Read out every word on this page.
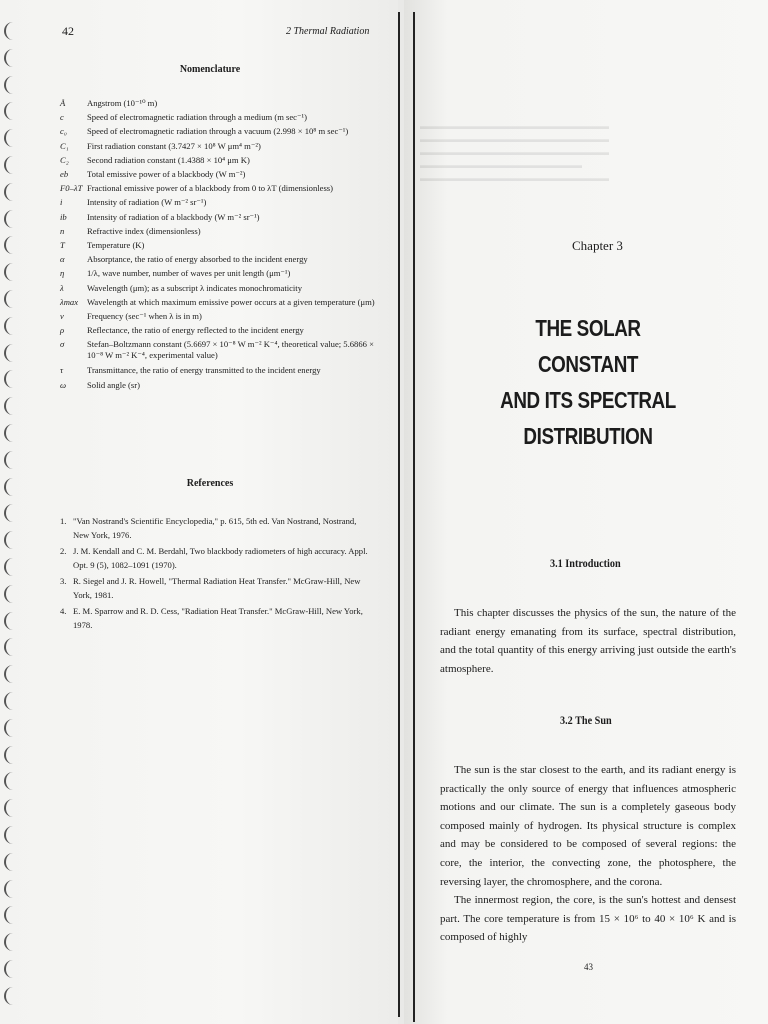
▬▬▬▬▬▬▬▬▬▬▬▬▬▬▬▬▬▬▬▬▬
▬▬▬▬▬▬▬▬▬▬▬▬▬▬▬▬▬▬▬▬▬
▬▬▬▬▬▬▬▬▬▬▬▬▬▬▬▬▬▬▬▬▬
▬▬▬▬▬▬▬▬▬▬▬▬▬▬▬▬▬▬
▬▬▬▬▬▬▬▬▬▬▬▬▬▬▬▬▬▬▬▬▬
42	2 Thermal Radiation
Nomenclature
Å	Angstrom (10⁻¹⁰ m)
c	Speed of electromagnetic radiation through a medium (m sec⁻¹)
c₀	Speed of electromagnetic radiation through a vacuum (2.998 × 10⁸ m sec⁻¹)
C₁	First radiation constant (3.7427 × 10⁸ W μm⁴ m⁻²)
C₂	Second radiation constant (1.4388 × 10⁴ μm K)
eb	Total emissive power of a blackbody (W m⁻²)
F0–λT Fractional emissive power of a blackbody from 0 to λT (dimensionless)
i	Intensity of radiation (W m⁻² sr⁻¹)
ib	Intensity of radiation of a blackbody (W m⁻² sr⁻¹)
n	Refractive index (dimensionless)
T	Temperature (K)
α	Absorptance, the ratio of energy absorbed to the incident energy
η	1/λ, wave number, number of waves per unit length (μm⁻¹)
λ	Wavelength (μm); as a subscript λ indicates monochromaticity
λmax	Wavelength at which maximum emissive power occurs at a given temperature (μm)
ν	Frequency (sec⁻¹ when λ is in m)
ρ	Reflectance, the ratio of energy reflected to the incident energy
σ	Stefan–Boltzmann constant (5.6697 × 10⁻⁸ W m⁻² K⁻⁴, theoretical value; 5.6866 × 10⁻⁸ W m⁻² K⁻⁴, experimental value)
τ	Transmittance, the ratio of energy transmitted to the incident energy
ω	Solid angle (sr)
References
1. "Van Nostrand's Scientific Encyclopedia," p. 615, 5th ed. Van Nostrand, Nostrand, New York, 1976.
2. J. M. Kendall and C. M. Berdahl, Two blackbody radiometers of high accuracy. Appl. Opt. 9 (5), 1082–1091 (1970).
3. R. Siegel and J. R. Howell, "Thermal Radiation Heat Transfer." McGraw-Hill, New York, 1981.
4. E. M. Sparrow and R. D. Cess, "Radiation Heat Transfer." McGraw-Hill, New York, 1978.
Chapter 3
THE SOLAR CONSTANT
AND ITS SPECTRAL
DISTRIBUTION
3.1 Introduction
This chapter discusses the physics of the sun, the nature of the radiant energy emanating from its surface, spectral distribution, and the total quantity of this energy arriving just outside the earth's atmosphere.
3.2 The Sun
The sun is the star closest to the earth, and its radiant energy is practically the only source of energy that influences atmospheric motions and our climate. The sun is a completely gaseous body composed mainly of hydrogen. Its physical structure is complex and may be considered to be composed of several regions: the core, the interior, the convecting zone, the photosphere, the reversing layer, the chromosphere, and the corona.
The innermost region, the core, is the sun's hottest and densest part. The core temperature is from 15 × 10⁶ to 40 × 10⁶ K and is composed of highly
43
